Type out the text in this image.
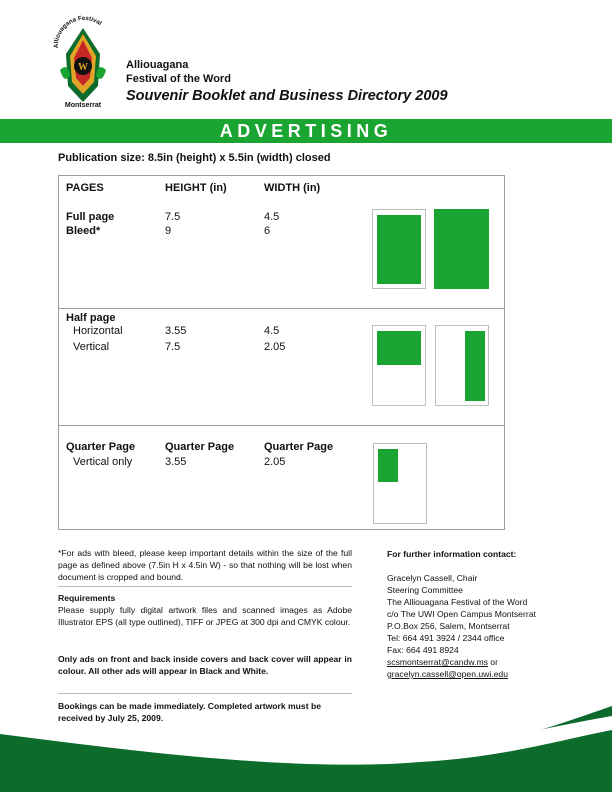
Alliouagana Festival
W
Montserrat
Alliouagana
Festival of the Word
Souvenir Booklet and Business Directory 2009
ADVERTISING
Publication size: 8.5in (height) x 5.5in (width) closed
PAGES	HEIGHT (in)	WIDTH (in)
Full page	7.5	4.5
Bleed*	9	6
Half page
Horizontal	3.55	4.5
Vertical	7.5	2.05
Quarter Page	Quarter Page	Quarter Page
Vertical only	3.55	2.05
*For ads with bleed, please keep important details within the size of the full page as defined above (7.5in H x 4.5in W) - so that nothing will be lost when document is cropped and bound.
Requirements
Please supply fully digital artwork files and scanned images as Adobe Illustrator EPS (all type outlined), TIFF or JPEG at 300 dpi and CMYK colour.
Only ads on front and back inside covers and back cover will appear in colour. All other ads will appear in Black and White.
Bookings can be made immediately. Completed artwork must be received by July 25, 2009.
For further information contact:
Gracelyn Cassell, Chair
Steering Committee
The Alliouagana Festival of the Word
c/o The UWI Open Campus Montserrat
P.O.Box 256, Salem, Montserrat
Tel: 664 491 3924 / 2344 office
Fax: 664 491 8924
scsmontserrat@candw.ms or
gracelyn.cassell@open.uwi.edu
